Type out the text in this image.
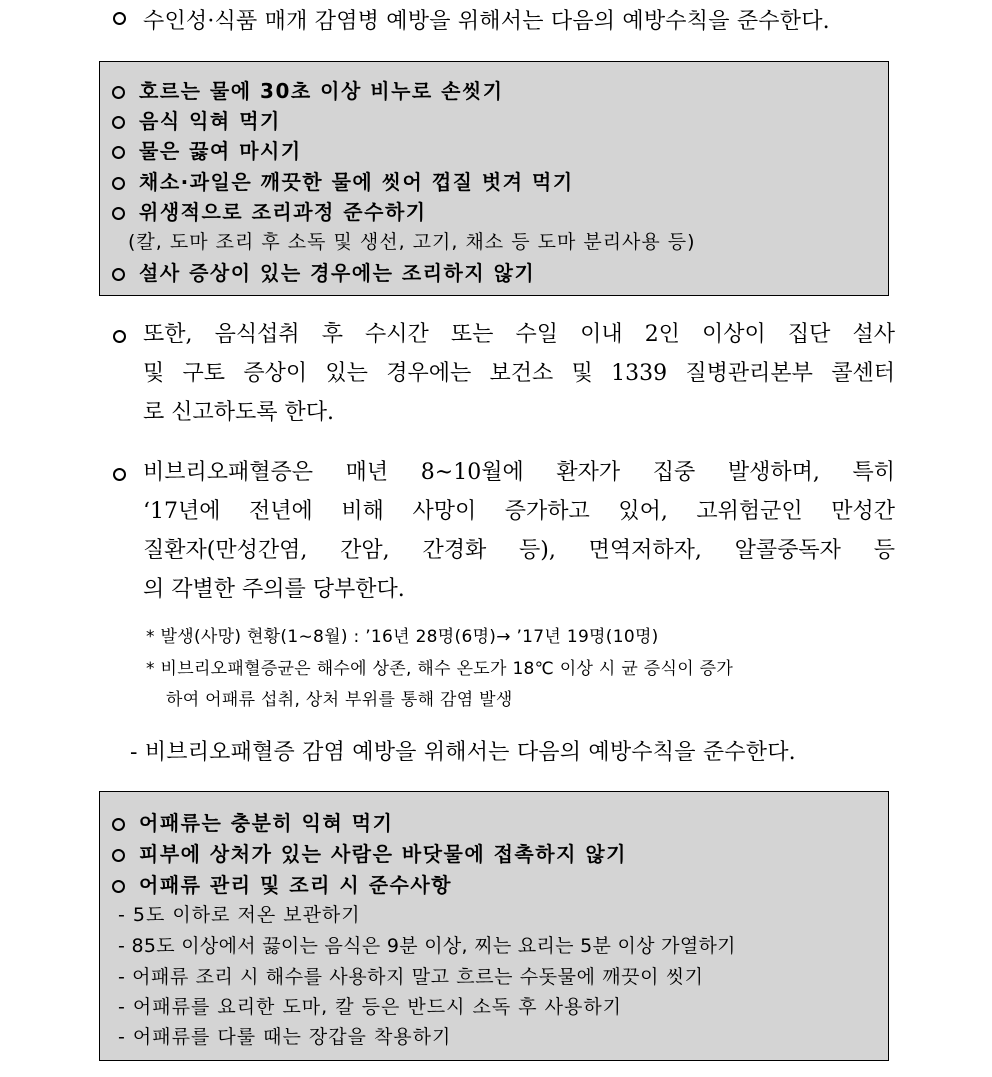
수인성·식품 매개 감염병 예방을 위해서는 다음의 예방수칙을 준수한다.
호르는 물에 30초 이상 비누로 손씻기
음식 익혀 먹기
물은 끓여 마시기
채소·과일은 깨끗한 물에 씻어 껍질 벗겨 먹기
위생적으로 조리과정 준수하기
(칼, 도마 조리 후 소독 및 생선, 고기, 채소 등 도마 분리사용 등)
설사 증상이 있는 경우에는 조리하지 않기
또한, 음식섭취 후 수시간 또는 수일 이내 2인 이상이 집단 설사
및 구토 증상이 있는 경우에는 보건소 및 1339 질병관리본부 콜센터
로 신고하도록 한다.
비브리오패혈증은 매년 8~10월에 환자가 집중 발생하며, 특히
‘17년에 전년에 비해 사망이 증가하고 있어, 고위험군인 만성간
질환자(만성간염, 간암, 간경화 등), 면역저하자, 알콜중독자 등
의 각별한 주의를 당부한다.
* 발생(사망) 현황(1∼8월) : ’16년 28명(6명)→ ’17년 19명(10명)
* 비브리오패혈증균은 해수에 상존, 해수 온도가 18℃ 이상 시 균 증식이 증가
하여 어패류 섭취, 상처 부위를 통해 감염 발생
- 비브리오패혈증 감염 예방을 위해서는 다음의 예방수칙을 준수한다.
어패류는 충분히 익혀 먹기
피부에 상처가 있는 사람은 바닷물에 접촉하지 않기
어패류 관리 및 조리 시 준수사항
- 5도 이하로 저온 보관하기
- 85도 이상에서 끓이는 음식은 9분 이상, 찌는 요리는 5분 이상 가열하기
- 어패류 조리 시 해수를 사용하지 말고 흐르는 수돗물에 깨끗이 씻기
- 어패류를 요리한 도마, 칼 등은 반드시 소독 후 사용하기
- 어패류를 다룰 때는 장갑을 착용하기
